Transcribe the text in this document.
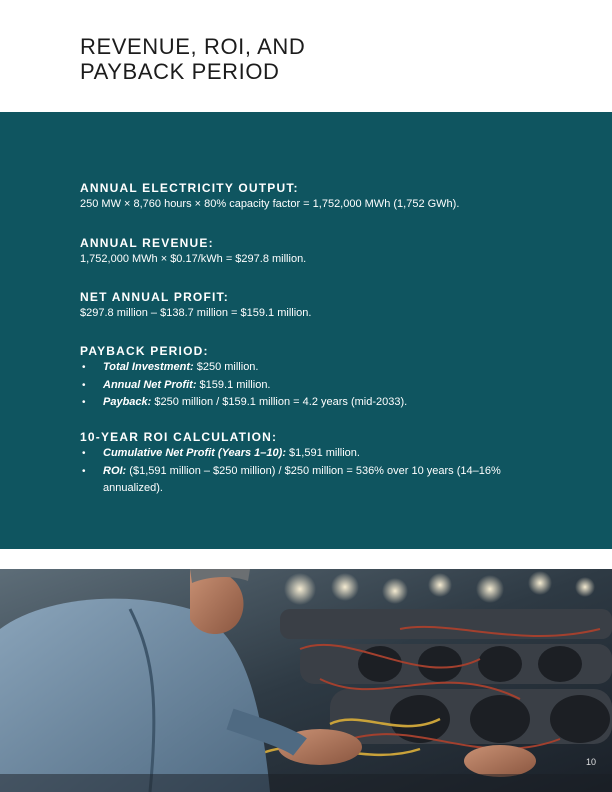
REVENUE, ROI, AND
PAYBACK PERIOD
ANNUAL ELECTRICITY OUTPUT:
250 MW × 8,760 hours × 80% capacity factor = 1,752,000 MWh (1,752 GWh).
ANNUAL REVENUE:
1,752,000 MWh × $0.17/kWh = $297.8 million.
NET ANNUAL PROFIT:
$297.8 million – $138.7 million = $159.1 million.
PAYBACK PERIOD:
• Total Investment: $250 million.
• Annual Net Profit: $159.1 million.
• Payback: $250 million / $159.1 million = 4.2 years (mid-2033).
10-YEAR ROI CALCULATION:
• Cumulative Net Profit (Years 1–10): $1,591 million.
• ROI: ($1,591 million – $250 million) / $250 million = 536% over 10 years (14–16% annualized).
10
